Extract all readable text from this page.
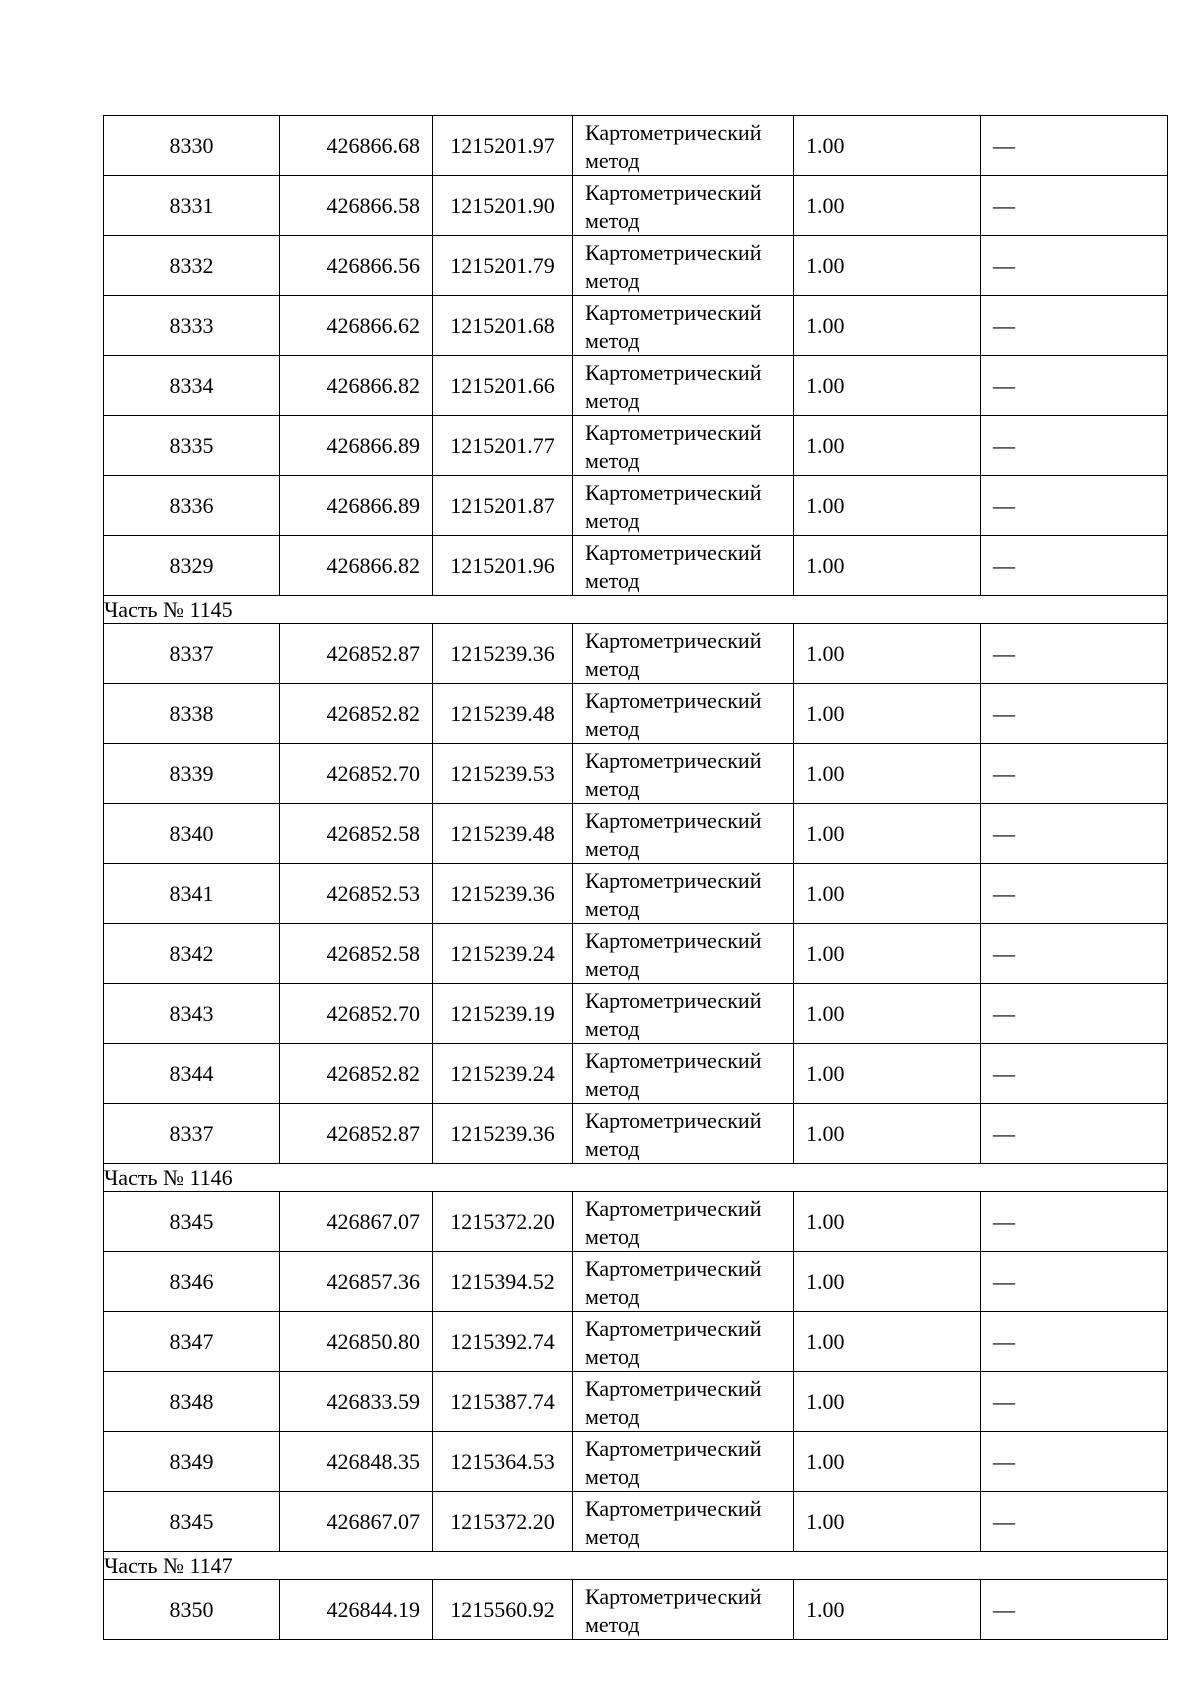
8330	426866.68	1215201.97	Картометрический
метод	1.00	—
8331	426866.58	1215201.90	Картометрический
метод	1.00	—
8332	426866.56	1215201.79	Картометрический
метод	1.00	—
8333	426866.62	1215201.68	Картометрический
метод	1.00	—
8334	426866.82	1215201.66	Картометрический
метод	1.00	—
8335	426866.89	1215201.77	Картометрический
метод	1.00	—
8336	426866.89	1215201.87	Картометрический
метод	1.00	—
8329	426866.82	1215201.96	Картометрический
метод	1.00	—
Часть № 1145					
8337	426852.87	1215239.36	Картометрический
метод	1.00	—
8338	426852.82	1215239.48	Картометрический
метод	1.00	—
8339	426852.70	1215239.53	Картометрический
метод	1.00	—
8340	426852.58	1215239.48	Картометрический
метод	1.00	—
8341	426852.53	1215239.36	Картометрический
метод	1.00	—
8342	426852.58	1215239.24	Картометрический
метод	1.00	—
8343	426852.70	1215239.19	Картометрический
метод	1.00	—
8344	426852.82	1215239.24	Картометрический
метод	1.00	—
8337	426852.87	1215239.36	Картометрический
метод	1.00	—
Часть № 1146					
8345	426867.07	1215372.20	Картометрический
метод	1.00	—
8346	426857.36	1215394.52	Картометрический
метод	1.00	—
8347	426850.80	1215392.74	Картометрический
метод	1.00	—
8348	426833.59	1215387.74	Картометрический
метод	1.00	—
8349	426848.35	1215364.53	Картометрический
метод	1.00	—
8345	426867.07	1215372.20	Картометрический
метод	1.00	—
Часть № 1147					
8350	426844.19	1215560.92	Картометрический
метод	1.00	—
